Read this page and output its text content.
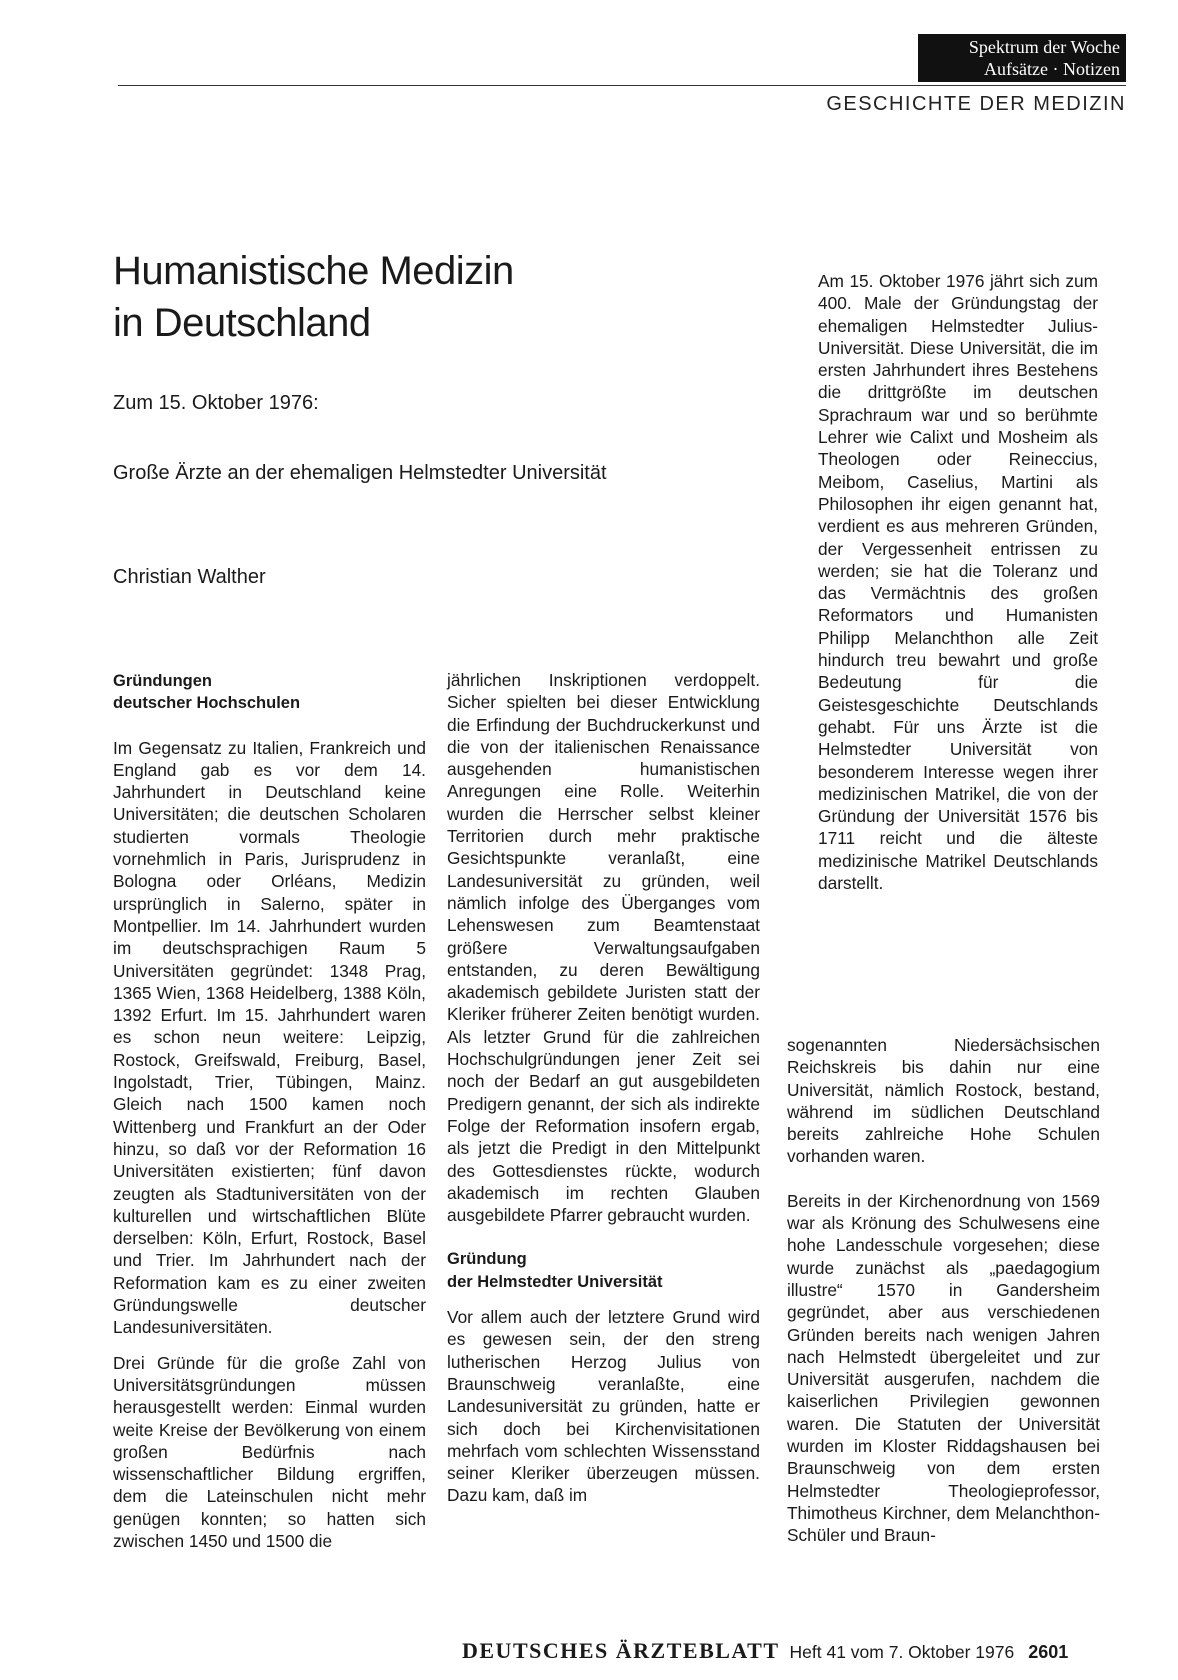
Spektrum der Woche
Aufsätze · Notizen
GESCHICHTE DER MEDIZIN
Humanistische Medizin
in Deutschland
Zum 15. Oktober 1976:
Große Ärzte an der ehemaligen Helmstedter Universität
Christian Walther

Am 15. Oktober 1976 jährt sich zum 400. Male der Gründungstag der ehemaligen Helmstedter Julius-Universität. Diese Universität, die im ersten Jahrhundert ihres Bestehens die drittgrößte im deutschen Sprachraum war und so berühmte Lehrer wie Calixt und Mosheim als Theologen oder Reineccius, Meibom, Caselius, Martini als Philosophen ihr eigen genannt hat, verdient es aus mehreren Gründen, der Vergessenheit entrissen zu werden; sie hat die Toleranz und das Vermächtnis des großen Reformators und Humanisten Philipp Melanchthon alle Zeit hindurch treu bewahrt und große Bedeutung für die Geistesgeschichte Deutschlands gehabt. Für uns Ärzte ist die Helmstedter Universität von besonderem Interesse wegen ihrer medizinischen Matrikel, die von der Gründung der Universität 1576 bis 1711 reicht und die älteste medizinische Matrikel Deutschlands darstellt.

Gründungen
deutscher Hochschulen

Im Gegensatz zu Italien, Frankreich und England gab es vor dem 14. Jahrhundert in Deutschland keine Universitäten; die deutschen Scholaren studierten vormals Theologie vornehmlich in Paris, Jurisprudenz in Bologna oder Orléans, Medizin ursprünglich in Salerno, später in Montpellier. Im 14. Jahrhundert wurden im deutschsprachigen Raum 5 Universitäten gegründet: 1348 Prag, 1365 Wien, 1368 Heidelberg, 1388 Köln, 1392 Erfurt. Im 15. Jahrhundert waren es schon neun weitere: Leipzig, Rostock, Greifswald, Freiburg, Basel, Ingolstadt, Trier, Tübingen, Mainz. Gleich nach 1500 kamen noch Wittenberg und Frankfurt an der Oder hinzu, so daß vor der Reformation 16 Universitäten existierten; fünf davon zeugten als Stadtuniversitäten von der kulturellen und wirtschaftlichen Blüte derselben: Köln, Erfurt, Rostock, Basel und Trier. Im Jahrhundert nach der Reformation kam es zu einer zweiten Gründungswelle deutscher Landesuniversitäten.

Drei Gründe für die große Zahl von Universitätsgründungen müssen herausgestellt werden: Einmal wurden weite Kreise der Bevölkerung von einem großen Bedürfnis nach wissenschaftlicher Bildung ergriffen, dem die Lateinschulen nicht mehr genügen konnten; so hatten sich zwischen 1450 und 1500 die

jährlichen Inskriptionen verdoppelt. Sicher spielten bei dieser Entwicklung die Erfindung der Buchdruckerkunst und die von der italienischen Renaissance ausgehenden humanistischen Anregungen eine Rolle. Weiterhin wurden die Herrscher selbst kleiner Territorien durch mehr praktische Gesichtspunkte veranlaßt, eine Landesuniversität zu gründen, weil nämlich infolge des Überganges vom Lehenswesen zum Beamtenstaat größere Verwaltungsaufgaben entstanden, zu deren Bewältigung akademisch gebildete Juristen statt der Kleriker früherer Zeiten benötigt wurden. Als letzter Grund für die zahlreichen Hochschulgründungen jener Zeit sei noch der Bedarf an gut ausgebildeten Predigern genannt, der sich als indirekte Folge der Reformation insofern ergab, als jetzt die Predigt in den Mittelpunkt des Gottesdienstes rückte, wodurch akademisch im rechten Glauben ausgebildete Pfarrer gebraucht wurden.

Gründung
der Helmstedter Universität

Vor allem auch der letztere Grund wird es gewesen sein, der den streng lutherischen Herzog Julius von Braunschweig veranlaßte, eine Landesuniversität zu gründen, hatte er sich doch bei Kirchenvisitationen mehrfach vom schlechten Wissensstand seiner Kleriker überzeugen müssen. Dazu kam, daß im

sogenannten Niedersächsischen Reichskreis bis dahin nur eine Universität, nämlich Rostock, bestand, während im südlichen Deutschland bereits zahlreiche Hohe Schulen vorhanden waren.

Bereits in der Kirchenordnung von 1569 war als Krönung des Schulwesens eine hohe Landesschule vorgesehen; diese wurde zunächst als „paedagogium illustre“ 1570 in Gandersheim gegründet, aber aus verschiedenen Gründen bereits nach wenigen Jahren nach Helmstedt übergeleitet und zur Universität ausgerufen, nachdem die kaiserlichen Privilegien gewonnen waren. Die Statuten der Universität wurden im Kloster Riddagshausen bei Braunschweig von dem ersten Helmstedter Theologieprofessor, Thimotheus Kirchner, dem Melanchthon-Schüler und Braun-

DEUTSCHES ÄRZTEBLATT Heft 41 vom 7. Oktober 1976 2601
